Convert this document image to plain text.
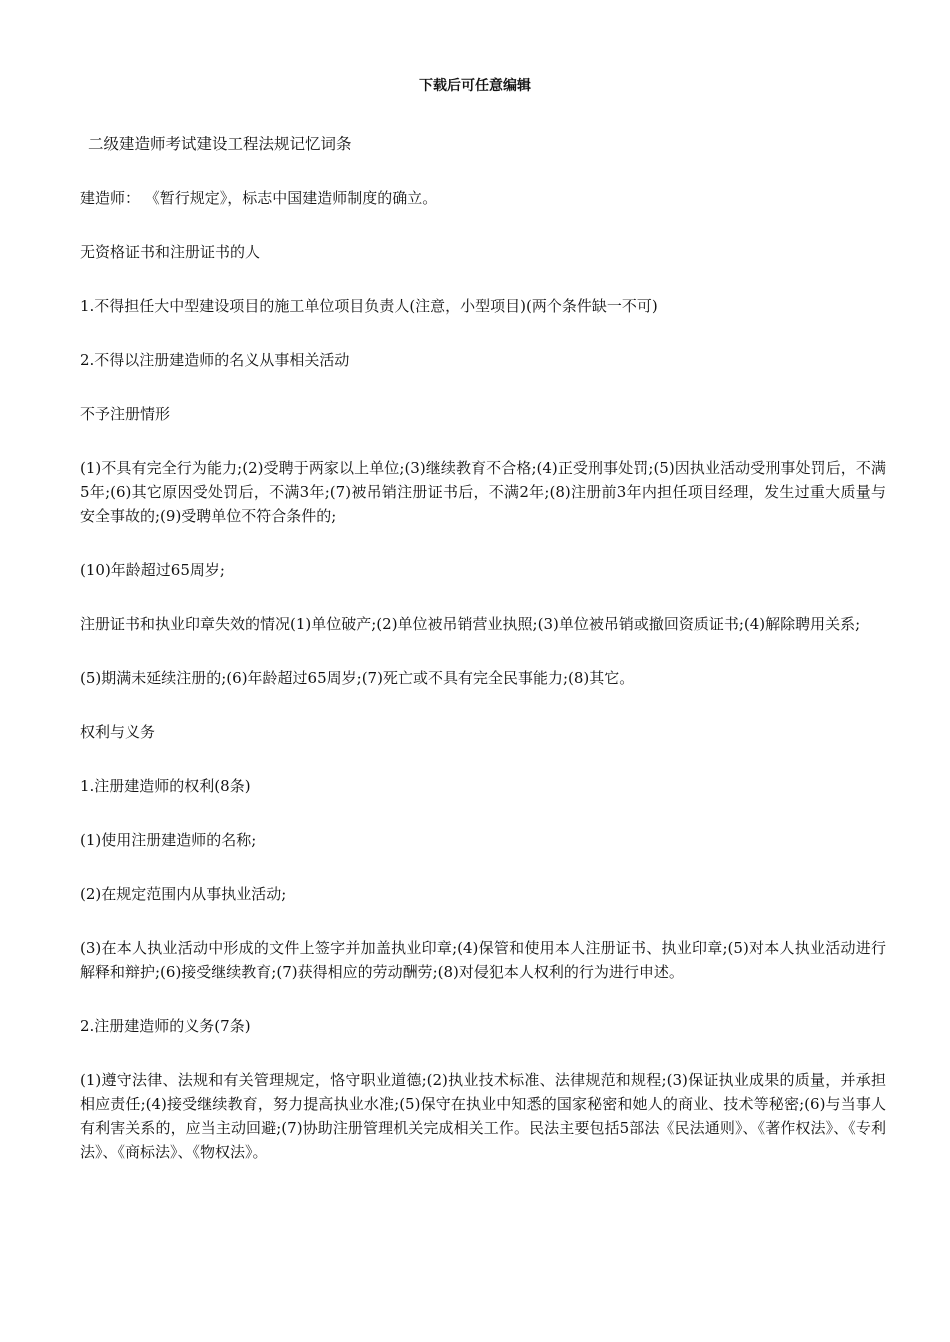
下载后可任意编辑

二级建造师考试建设工程法规记忆词条

建造师： 《暂行规定》，标志中国建造师制度的确立。

无资格证书和注册证书的人

1.不得担任大中型建设项目的施工单位项目负责人(注意，小型项目)(两个条件缺一不可)

2.不得以注册建造师的名义从事相关活动

不予注册情形

(1)不具有完全行为能力;(2)受聘于两家以上单位;(3)继续教育不合格;(4)正受刑事处罚;(5)因执业活动受刑事处罚后，不满5年;(6)其它原因受处罚后，不满3年;(7)被吊销注册证书后，不满2年;(8)注册前3年内担任项目经理，发生过重大质量与安全事故的;(9)受聘单位不符合条件的;

(10)年龄超过65周岁;

注册证书和执业印章失效的情况(1)单位破产;(2)单位被吊销营业执照;(3)单位被吊销或撤回资质证书;(4)解除聘用关系;

(5)期满未延续注册的;(6)年龄超过65周岁;(7)死亡或不具有完全民事能力;(8)其它。

权利与义务

1.注册建造师的权利(8条)

(1)使用注册建造师的名称;

(2)在规定范围内从事执业活动;

(3)在本人执业活动中形成的文件上签字并加盖执业印章;(4)保管和使用本人注册证书、执业印章;(5)对本人执业活动进行解释和辩护;(6)接受继续教育;(7)获得相应的劳动酬劳;(8)对侵犯本人权利的行为进行申述。

2.注册建造师的义务(7条)

(1)遵守法律、法规和有关管理规定，恪守职业道德;(2)执业技术标准、法律规范和规程;(3)保证执业成果的质量，并承担相应责任;(4)接受继续教育，努力提高执业水准;(5)保守在执业中知悉的国家秘密和她人的商业、技术等秘密;(6)与当事人有利害关系的，应当主动回避;(7)协助注册管理机关完成相关工作。民法主要包括5部法《民法通则》、《著作权法》、《专利法》、《商标法》、《物权法》。
